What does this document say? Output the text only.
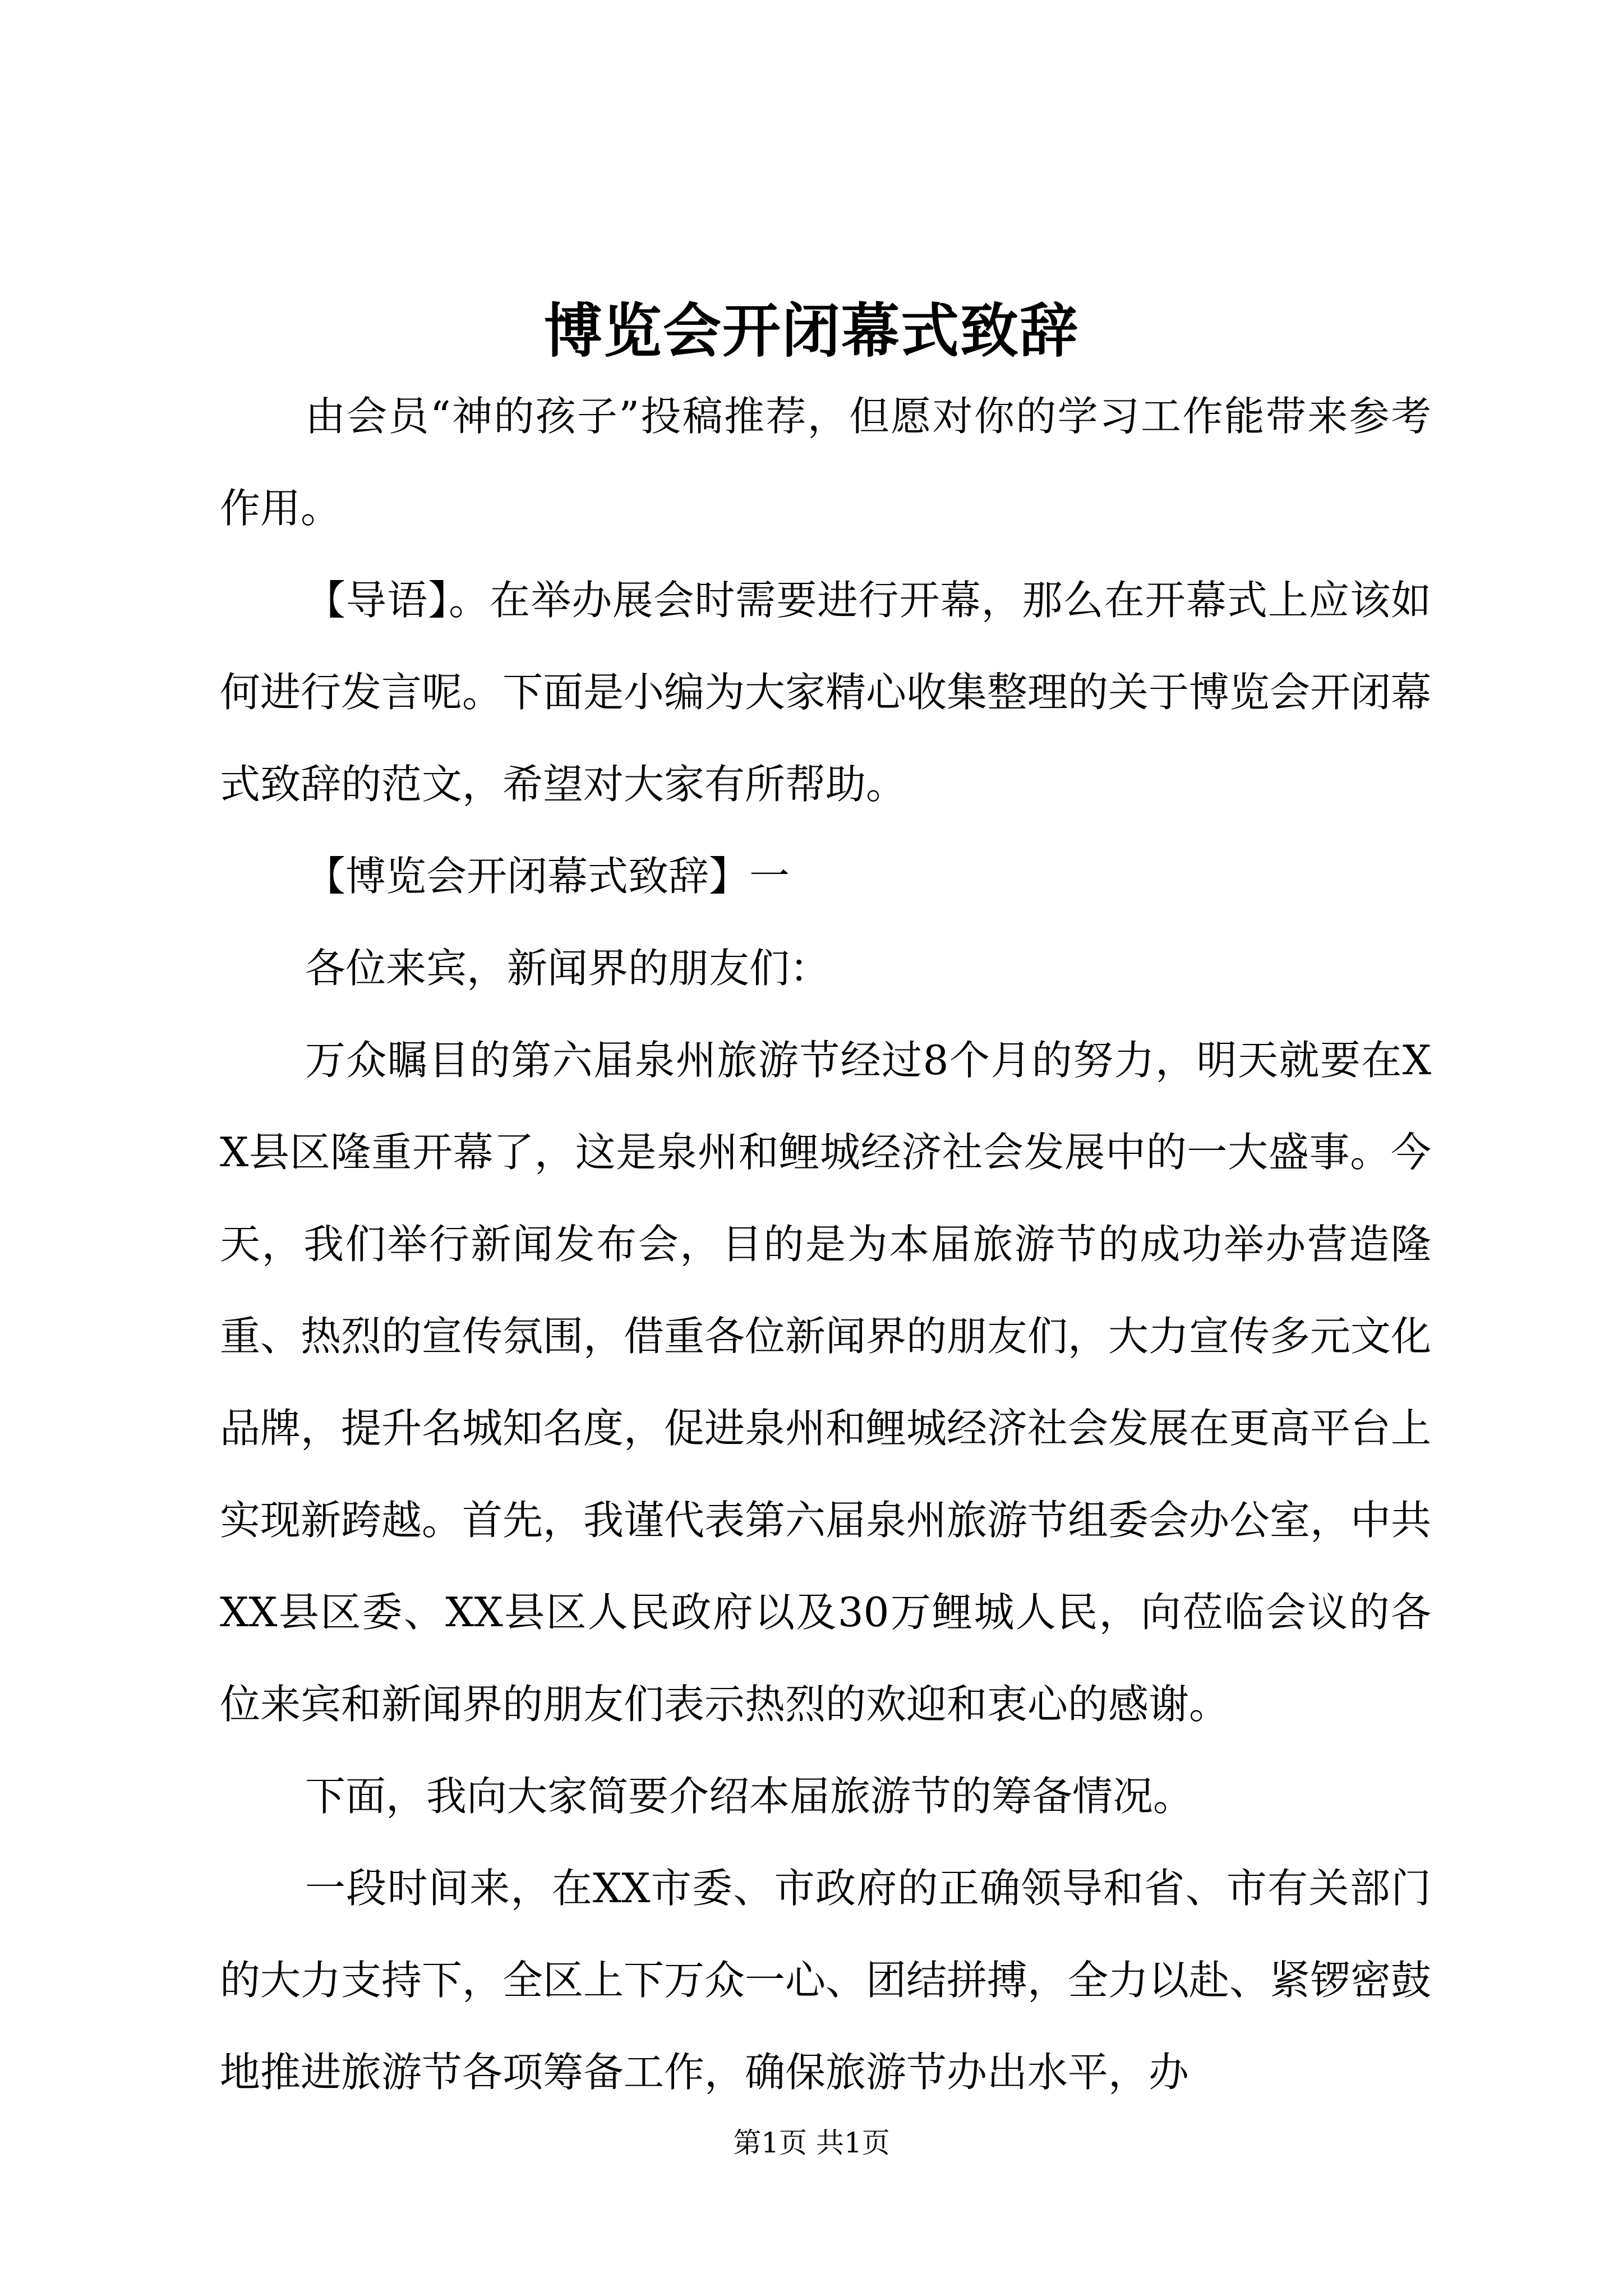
博览会开闭幕式致辞

由会员“神的孩子”投稿推荐，但愿对你的学习工作能带来参考作用。

【导语】。在举办展会时需要进行开幕，那么在开幕式上应该如何进行发言呢。下面是小编为大家精心收集整理的关于博览会开闭幕式致辞的范文，希望对大家有所帮助。

【博览会开闭幕式致辞】一

各位来宾，新闻界的朋友们：

万众瞩目的第六届泉州旅游节经过8个月的努力，明天就要在XX县区隆重开幕了，这是泉州和鲤城经济社会发展中的一大盛事。今天，我们举行新闻发布会，目的是为本届旅游节的成功举办营造隆重、热烈的宣传氛围，借重各位新闻界的朋友们，大力宣传多元文化品牌，提升名城知名度，促进泉州和鲤城经济社会发展在更高平台上实现新跨越。首先，我谨代表第六届泉州旅游节组委会办公室，中共XX县区委、XX县区人民政府以及30万鲤城人民，向莅临会议的各位来宾和新闻界的朋友们表示热烈的欢迎和衷心的感谢。

下面，我向大家简要介绍本届旅游节的筹备情况。

一段时间来，在XX市委、市政府的正确领导和省、市有关部门的大力支持下，全区上下万众一心、团结拼搏，全力以赴、紧锣密鼓地推进旅游节各项筹备工作，确保旅游节办出水平，办

第1页 共1页
